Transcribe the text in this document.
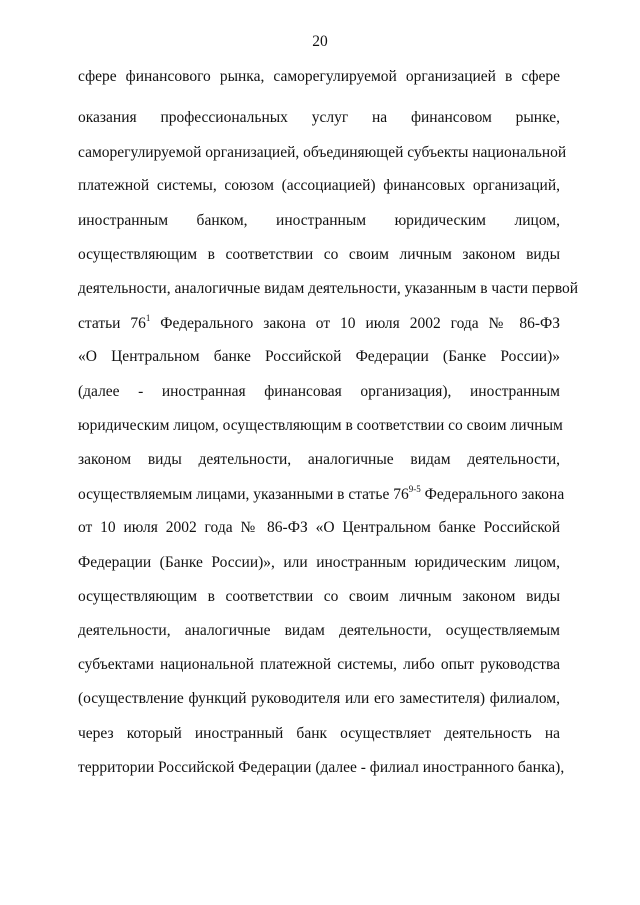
20
сфере финансового рынка, саморегулируемой организацией в сфере
оказания профессиональных услуг на финансовом рынке,
саморегулируемой организацией, объединяющей субъекты национальной
платежной системы, союзом (ассоциацией) финансовых организаций,
иностранным банком, иностранным юридическим лицом,
осуществляющим в соответствии со своим личным законом виды
деятельности, аналогичные видам деятельности, указанным в части первой
статьи $76^1$ Федерального закона от 10 июля 2002 года № 86-ФЗ
«О Центральном банке Российской Федерации (Банке России)»
(далее - иностранная финансовая организация), иностранным
юридическим лицом, осуществляющим в соответствии со своим личным
законом виды деятельности, аналогичные видам деятельности,
осуществляемым лицами, указанными в статье 76$^{9-5}$ Федерального закона
от 10 июля 2002 года № 86-ФЗ «О Центральном банке Российской
Федерации (Банке России)», или иностранным юридическим лицом,
осуществляющим в соответствии со своим личным законом виды
деятельности, аналогичные видам деятельности, осуществляемым
субъектами национальной платежной системы, либо опыт руководства
(осуществление функций руководителя или его заместителя) филиалом,
через который иностранный банк осуществляет деятельность на
территории Российской Федерации (далее - филиал иностранного банка),
